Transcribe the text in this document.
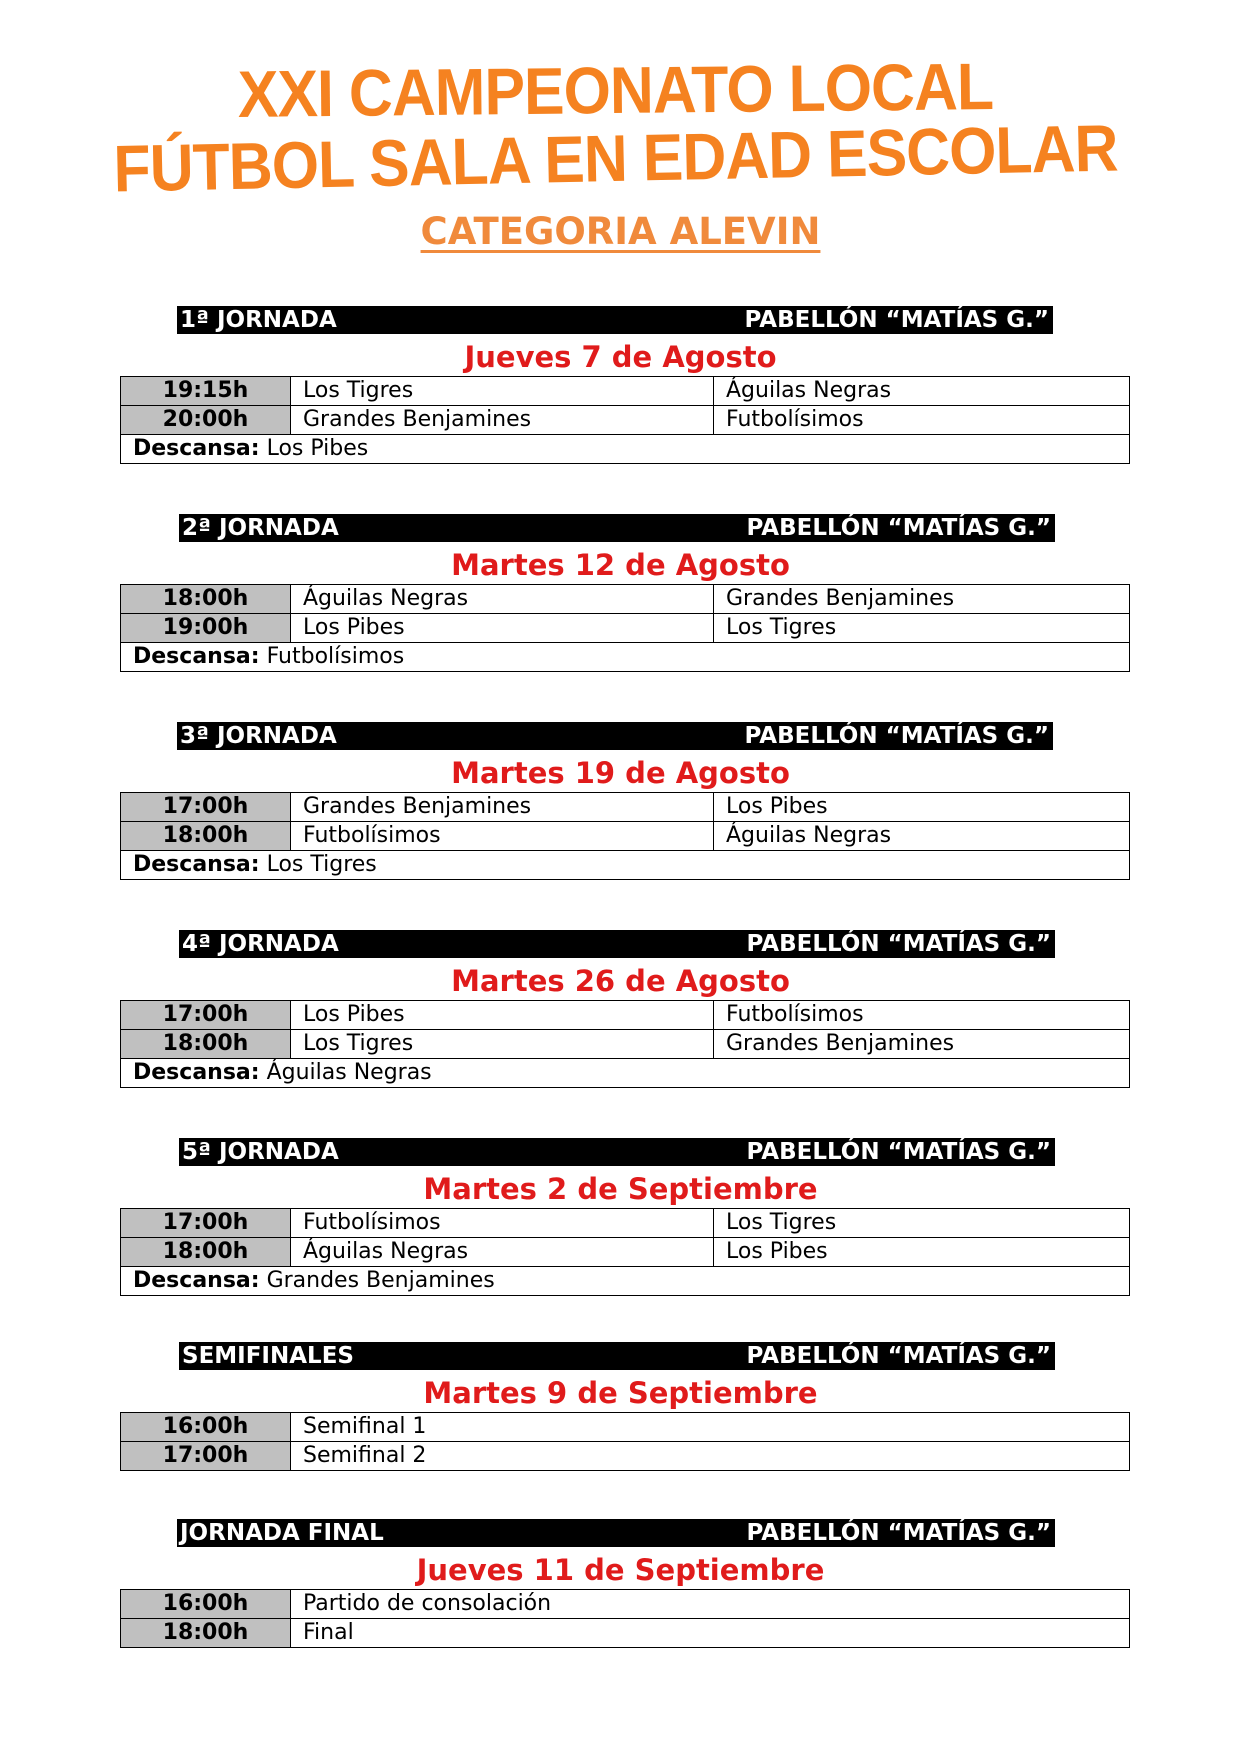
XXI CAMPEONATO LOCAL
FÚTBOL SALA EN EDAD ESCOLAR
CATEGORIA ALEVIN
1ª JORNADA	PABELLÓN “MATÍAS G.”
Jueves 7 de Agosto
19:15h	Los Tigres	Águilas Negras
20:00h	Grandes Benjamines	Futbolísimos
Descansa: Los Pibes		
2ª JORNADA	PABELLÓN “MATÍAS G.”
Martes 12 de Agosto
18:00h	Águilas Negras	Grandes Benjamines
19:00h	Los Pibes	Los Tigres
Descansa: Futbolísimos		
3ª JORNADA	PABELLÓN “MATÍAS G.”
Martes 19 de Agosto
17:00h	Grandes Benjamines	Los Pibes
18:00h	Futbolísimos	Águilas Negras
Descansa: Los Tigres		
4ª JORNADA	PABELLÓN “MATÍAS G.”
Martes 26 de Agosto
17:00h	Los Pibes	Futbolísimos
18:00h	Los Tigres	Grandes Benjamines
Descansa: Águilas Negras		
5ª JORNADA	PABELLÓN “MATÍAS G.”
Martes 2 de Septiembre
17:00h	Futbolísimos	Los Tigres
18:00h	Águilas Negras	Los Pibes
Descansa: Grandes Benjamines		
SEMIFINALES	PABELLÓN “MATÍAS G.”
Martes 9 de Septiembre
16:00h	Semifinal 1
17:00h	Semifinal 2
JORNADA FINAL	PABELLÓN “MATÍAS G.”
Jueves 11 de Septiembre
16:00h	Partido de consolación
18:00h	Final
